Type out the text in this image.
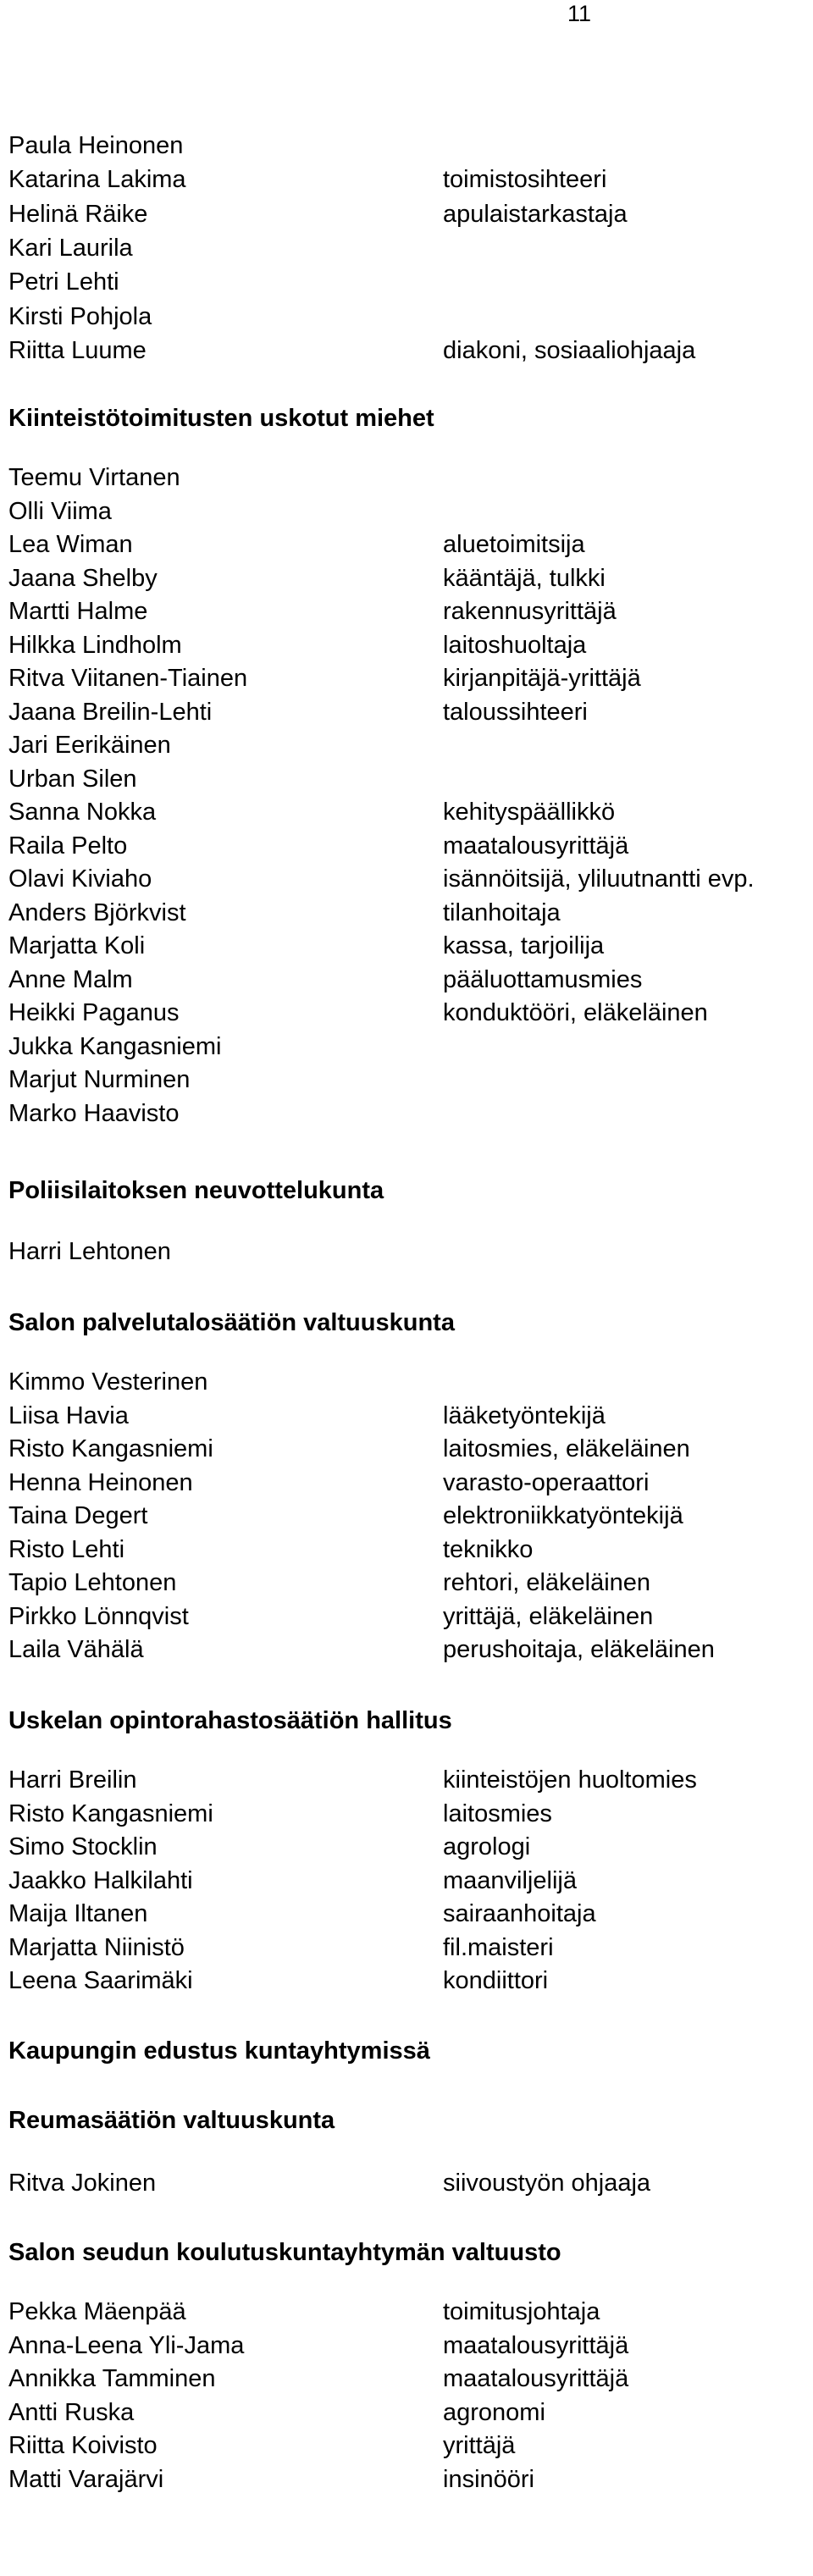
11
Paula Heinonen
Katarina Lakima	toimistosihteeri
Helinä Räike	apulaistarkastaja
Kari Laurila
Petri Lehti
Kirsti Pohjola
Riitta Luume	diakoni, sosiaaliohjaaja
Kiinteistötoimitusten uskotut miehet
Teemu Virtanen
Olli Viima
Lea Wiman	aluetoimitsija
Jaana Shelby	kääntäjä, tulkki
Martti Halme	rakennusyrittäjä
Hilkka Lindholm	laitoshuoltaja
Ritva Viitanen-Tiainen	kirjanpitäjä-yrittäjä
Jaana Breilin-Lehti	taloussihteeri
Jari Eerikäinen
Urban Silen
Sanna Nokka	kehityspäällikkö
Raila Pelto	maatalousyrittäjä
Olavi Kiviaho	isännöitsijä, yliluutnantti evp.
Anders Björkvist	tilanhoitaja
Marjatta Koli	kassa, tarjoilija
Anne Malm	pääluottamusmies
Heikki Paganus	konduktööri, eläkeläinen
Jukka Kangasniemi
Marjut Nurminen
Marko Haavisto
Poliisilaitoksen neuvottelukunta
Harri Lehtonen
Salon palvelutalosäätiön valtuuskunta
Kimmo Vesterinen
Liisa Havia	lääketyöntekijä
Risto Kangasniemi	laitosmies, eläkeläinen
Henna Heinonen	varasto-operaattori
Taina Degert	elektroniikkatyöntekijä
Risto Lehti	teknikko
Tapio Lehtonen	rehtori, eläkeläinen
Pirkko Lönnqvist	yrittäjä, eläkeläinen
Laila Vähälä	perushoitaja, eläkeläinen
Uskelan opintorahastosäätiön hallitus
Harri Breilin	kiinteistöjen huoltomies
Risto Kangasniemi	laitosmies
Simo Stocklin	agrologi
Jaakko Halkilahti	maanviljelijä
Maija Iltanen	sairaanhoitaja
Marjatta Niinistö	fil.maisteri
Leena Saarimäki	kondiittori
Kaupungin edustus kuntayhtymissä
Reumasäätiön valtuuskunta
Ritva Jokinen	siivoustyön ohjaaja
Salon seudun koulutuskuntayhtymän valtuusto
Pekka Mäenpää	toimitusjohtaja
Anna-Leena Yli-Jama	maatalousyrittäjä
Annikka Tamminen	maatalousyrittäjä
Antti Ruska	agronomi
Riitta Koivisto	yrittäjä
Matti Varajärvi	insinööri
